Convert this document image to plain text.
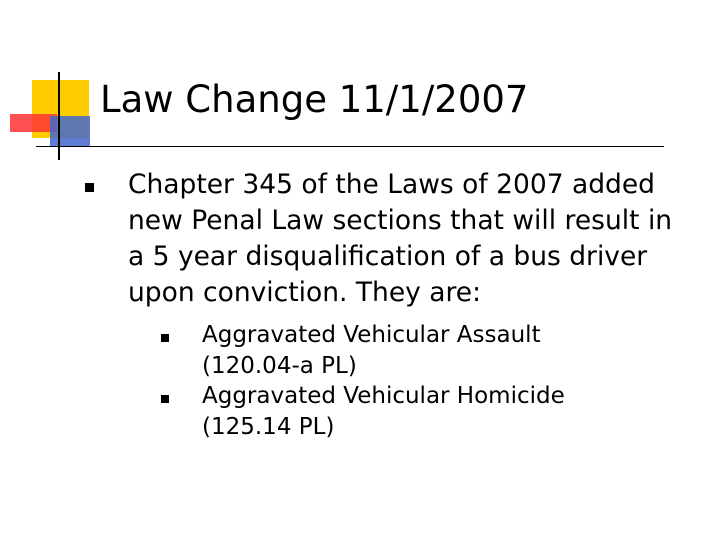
Law Change 11/1/2007
Chapter 345 of the Laws of 2007 added new Penal Law sections that will result in a 5 year disqualification of a bus driver upon conviction. They are:
Aggravated Vehicular Assault (120.04-a PL)
Aggravated Vehicular Homicide (125.14 PL)
